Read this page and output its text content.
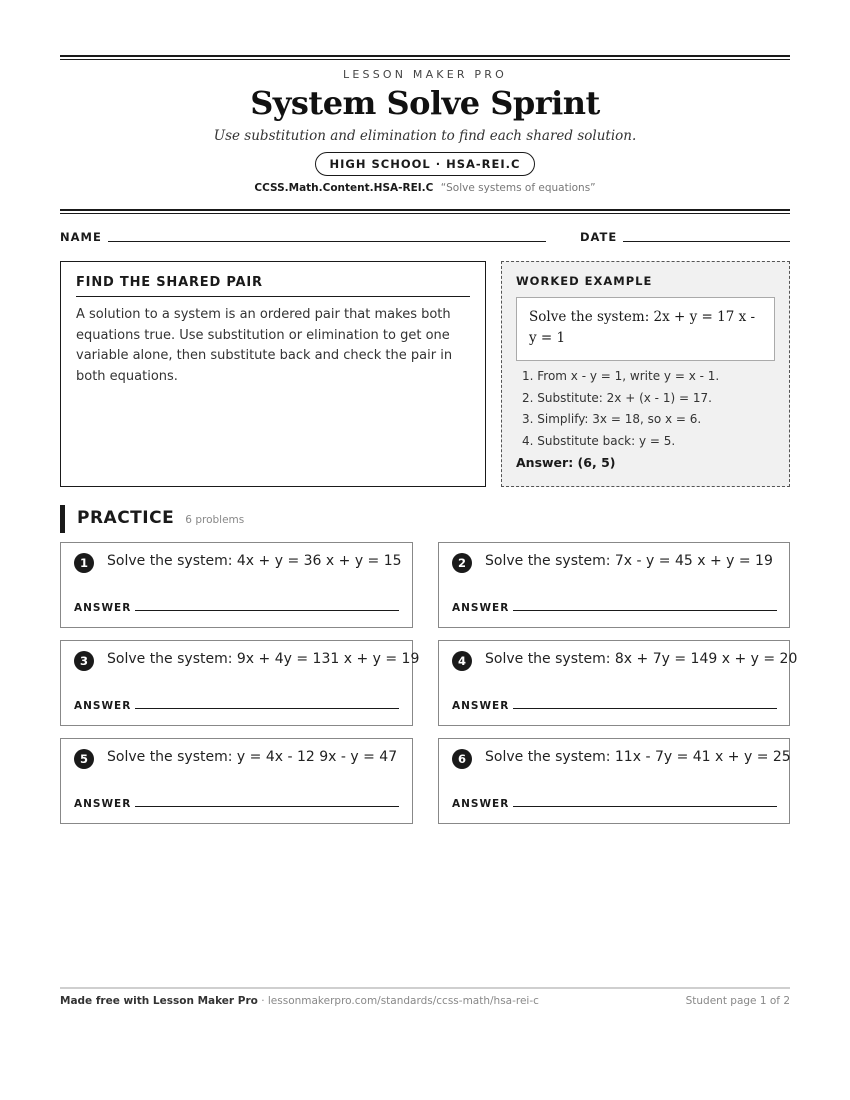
LESSON MAKER PRO
System Solve Sprint
Use substitution and elimination to find each shared solution.
HIGH SCHOOL · HSA-REI.C
CCSS.Math.Content.HSA-REI.C “Solve systems of equations”
NAME	DATE
FIND THE SHARED PAIR
A solution to a system is an ordered pair that makes both equations true. Use substitution or elimination to get one variable alone, then substitute back and check the pair in both equations.
WORKED EXAMPLE
Solve the system: 2x + y = 17 x - y = 1
1. From x - y = 1, write y = x - 1.
2. Substitute: 2x + (x - 1) = 17.
3. Simplify: 3x = 18, so x = 6.
4. Substitute back: y = 5.
Answer: (6, 5)
PRACTICE 6 problems
1	Solve the system: 4x + y = 36 x + y = 15
ANSWER
2	Solve the system: 7x - y = 45 x + y = 19
ANSWER
3	Solve the system: 9x + 4y = 131 x + y = 19
ANSWER
4	Solve the system: 8x + 7y = 149 x + y = 20
ANSWER
5	Solve the system: y = 4x - 12 9x - y = 47
ANSWER
6	Solve the system: 11x - 7y = 41 x + y = 25
ANSWER
Made free with Lesson Maker Pro · lessonmakerpro.com/standards/ccss-math/hsa-rei-c	Student page 1 of 2
